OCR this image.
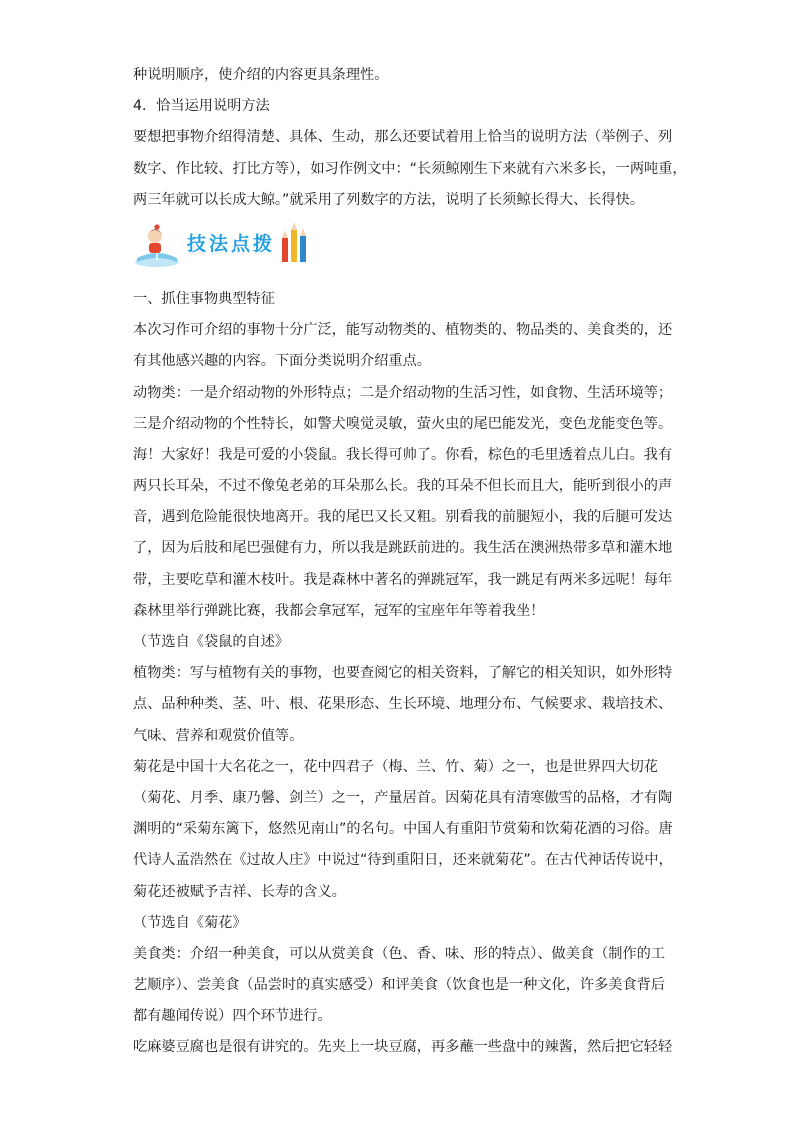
种说明顺序，使介绍的内容更具条理性。
4．恰当运用说明方法
要想把事物介绍得清楚、具体、生动，那么还要试着用上恰当的说明方法（举例子、列
数字、作比较、打比方等），如习作例文中：“长须鲸刚生下来就有六米多长，一两吨重，
两三年就可以长成大鲸。”就采用了列数字的方法，说明了长须鲸长得大、长得快。
技法点拨
一、抓住事物典型特征
本次习作可介绍的事物十分广泛，能写动物类的、植物类的、物品类的、美食类的，还
有其他感兴趣的内容。下面分类说明介绍重点。
动物类：一是介绍动物的外形特点；二是介绍动物的生活习性，如食物、生活环境等；
三是介绍动物的个性特长，如警犬嗅觉灵敏，萤火虫的尾巴能发光，变色龙能变色等。
海！大家好！我是可爱的小袋鼠。我长得可帅了。你看，棕色的毛里透着点儿白。我有
两只长耳朵，不过不像兔老弟的耳朵那么长。我的耳朵不但长而且大，能听到很小的声
音，遇到危险能很快地离开。我的尾巴又长又粗。别看我的前腿短小，我的后腿可发达
了，因为后肢和尾巴强健有力，所以我是跳跃前进的。我生活在澳洲热带多草和灌木地
带，主要吃草和灌木枝叶。我是森林中著名的弹跳冠军，我一跳足有两米多远呢！每年
森林里举行弹跳比赛，我都会拿冠军，冠军的宝座年年等着我坐！
（节选自《袋鼠的自述》
植物类：写与植物有关的事物，也要查阅它的相关资料，了解它的相关知识，如外形特
点、品种种类、茎、叶、根、花果形态、生长环境、地理分布、气候要求、栽培技术、
气味、营养和观赏价值等。
菊花是中国十大名花之一，花中四君子（梅、兰、竹、菊）之一，也是世界四大切花
（菊花、月季、康乃馨、剑兰）之一，产量居首。因菊花具有清寒傲雪的品格，才有陶
渊明的“采菊东篱下，悠然见南山”的名句。中国人有重阳节赏菊和饮菊花酒的习俗。唐
代诗人孟浩然在《过故人庄》中说过“待到重阳日，还来就菊花”。在古代神话传说中，
菊花还被赋予吉祥、长寿的含义。
（节选自《菊花》
美食类：介绍一种美食，可以从赏美食（色、香、味、形的特点）、做美食（制作的工
艺顺序）、尝美食（品尝时的真实感受）和评美食（饮食也是一种文化，许多美食背后
都有趣闻传说）四个环节进行。
吃麻婆豆腐也是很有讲究的。先夹上一块豆腐，再多蘸一些盘中的辣酱，然后把它轻轻
